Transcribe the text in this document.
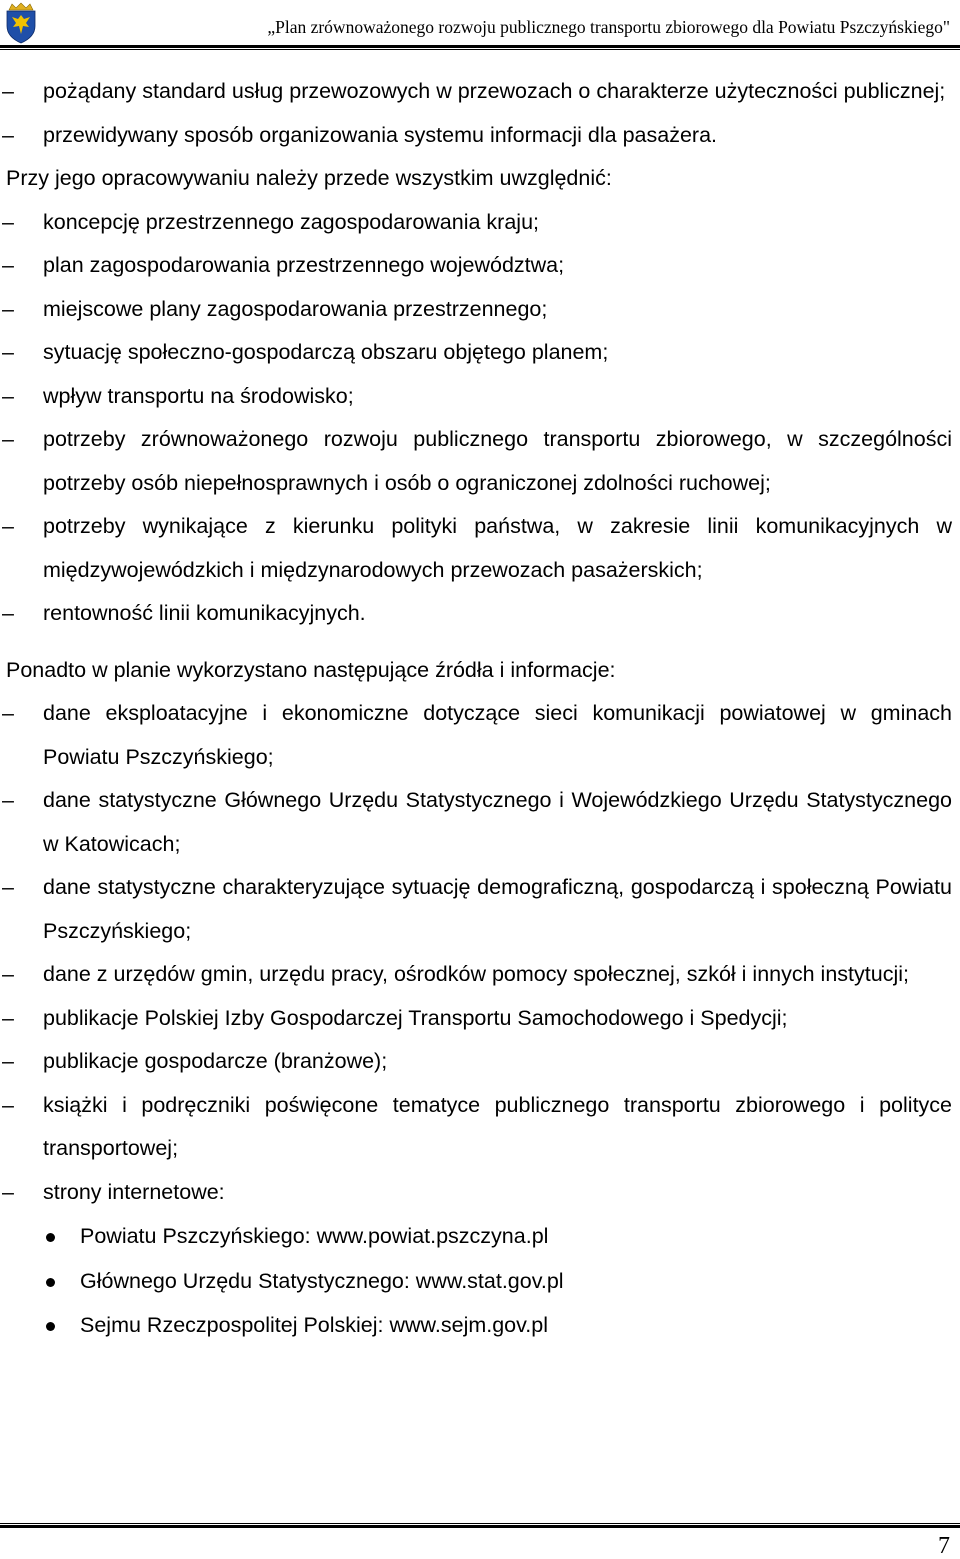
„Plan zrównoważonego rozwoju publicznego transportu zbiorowego dla Powiatu Pszczyńskiego"
–	pożądany standard usług przewozowych w przewozach o charakterze użyteczności publicznej;
–	przewidywany sposób organizowania systemu informacji dla pasażera.

Przy jego opracowywaniu należy przede wszystkim uwzględnić:

–	koncepcję przestrzennego zagospodarowania kraju;
–	plan zagospodarowania przestrzennego województwa;
–	miejscowe plany zagospodarowania przestrzennego;
–	sytuację społeczno-gospodarczą obszaru objętego planem;
–	wpływ transportu na środowisko;
–	potrzeby zrównoważonego rozwoju publicznego transportu zbiorowego, w szczególności potrzeby osób niepełnosprawnych i osób o ograniczonej zdolności ruchowej;
–	potrzeby wynikające z kierunku polityki państwa, w zakresie linii komunikacyjnych w międzywojewódzkich i międzynarodowych przewozach pasażerskich;
–	rentowność linii komunikacyjnych.

Ponadto w planie wykorzystano następujące źródła i informacje:

–	dane eksploatacyjne i ekonomiczne dotyczące sieci komunikacji powiatowej w gminach Powiatu Pszczyńskiego;
–	dane statystyczne Głównego Urzędu Statystycznego i Wojewódzkiego Urzędu Statystycznego w Katowicach;
–	dane statystyczne charakteryzujące sytuację demograficzną, gospodarczą i społeczną Powiatu Pszczyńskiego;
–	dane z urzędów gmin, urzędu pracy, ośrodków pomocy społecznej, szkół i innych instytucji;
–	publikacje Polskiej Izby Gospodarczej Transportu Samochodowego i Spedycji;
–	publikacje gospodarcze (branżowe);
–	książki i podręczniki poświęcone tematyce publicznego transportu zbiorowego i polityce transportowej;
–	strony internetowe:
Powiatu Pszczyńskiego: www.powiat.pszczyna.pl
Głównego Urzędu Statystycznego: www.stat.gov.pl
Sejmu Rzeczpospolitej Polskiej: www.sejm.gov.pl
7
